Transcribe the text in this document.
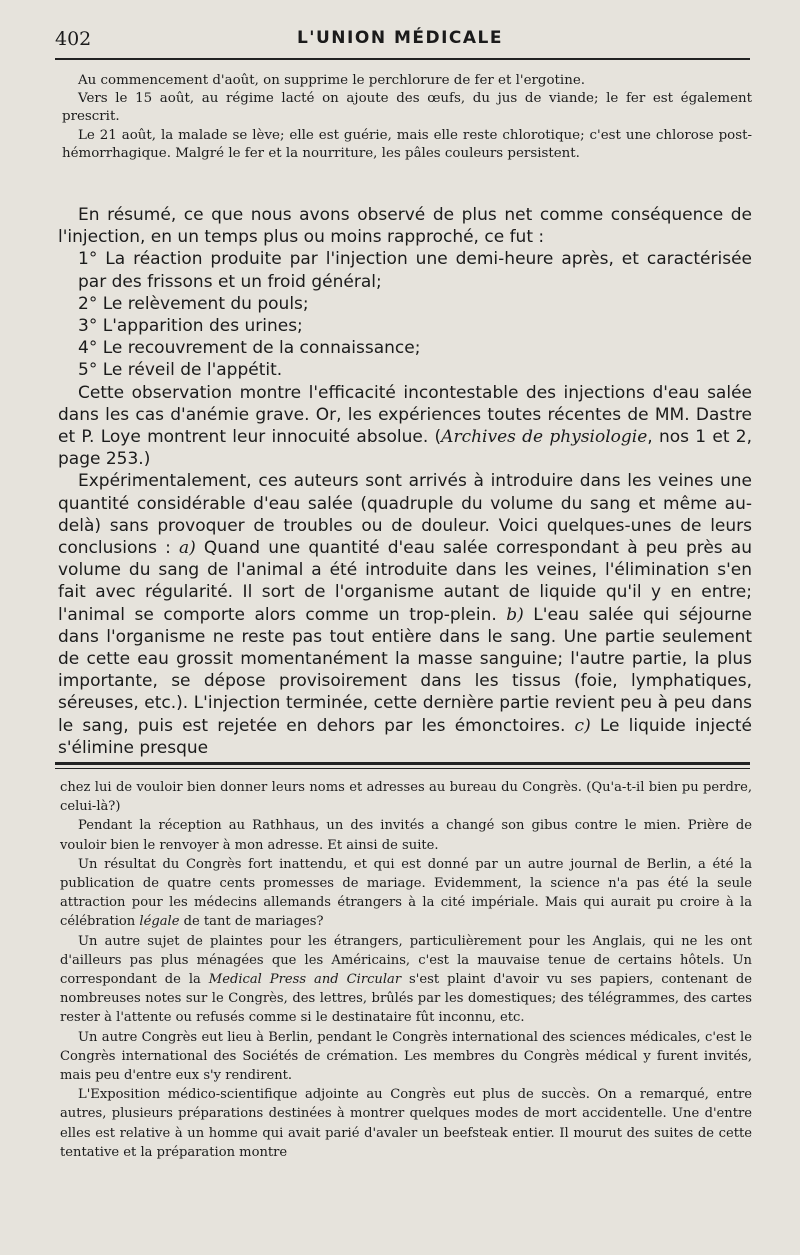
402	L'UNION MÉDICALE

Au commencement d'août, on supprime le perchlorure de fer et l'ergotine.

Vers le 15 août, au régime lacté on ajoute des œufs, du jus de viande; le fer est également prescrit.

Le 21 août, la malade se lève; elle est guérie, mais elle reste chlorotique; c'est une chlorose post-hémorrhagique. Malgré le fer et la nourriture, les pâles couleurs persistent.

En résumé, ce que nous avons observé de plus net comme conséquence de l'injection, en un temps plus ou moins rapproché, ce fut :

1° La réaction produite par l'injection une demi-heure après, et caractérisée par des frissons et un froid général;

2° Le relèvement du pouls;

3° L'apparition des urines;

4° Le recouvrement de la connaissance;

5° Le réveil de l'appétit.

Cette observation montre l'efficacité incontestable des injections d'eau salée dans les cas d'anémie grave. Or, les expériences toutes récentes de MM. Dastre et P. Loye montrent leur innocuité absolue. (Archives de physiologie, nos 1 et 2, page 253.)

Expérimentalement, ces auteurs sont arrivés à introduire dans les veines une quantité considérable d'eau salée (quadruple du volume du sang et même au-delà) sans provoquer de troubles ou de douleur. Voici quelques-unes de leurs conclusions : a) Quand une quantité d'eau salée correspondant à peu près au volume du sang de l'animal a été introduite dans les veines, l'élimination s'en fait avec régularité. Il sort de l'organisme autant de liquide qu'il y en entre; l'animal se comporte alors comme un trop-plein. b) L'eau salée qui séjourne dans l'organisme ne reste pas tout entière dans le sang. Une partie seulement de cette eau grossit momentanément la masse sanguine; l'autre partie, la plus importante, se dépose provisoirement dans les tissus (foie, lymphatiques, séreuses, etc.). L'injection terminée, cette dernière partie revient peu à peu dans le sang, puis est rejetée en dehors par les émonctoires. c) Le liquide injecté s'élimine presque

chez lui de vouloir bien donner leurs noms et adresses au bureau du Congrès. (Qu'a-t-il bien pu perdre, celui-là?)

Pendant la réception au Rathhaus, un des invités a changé son gibus contre le mien. Prière de vouloir bien le renvoyer à mon adresse. Et ainsi de suite.

Un résultat du Congrès fort inattendu, et qui est donné par un autre journal de Berlin, a été la publication de quatre cents promesses de mariage. Evidemment, la science n'a pas été la seule attraction pour les médecins allemands étrangers à la cité impériale. Mais qui aurait pu croire à la célébration légale de tant de mariages?

Un autre sujet de plaintes pour les étrangers, particulièrement pour les Anglais, qui ne les ont d'ailleurs pas plus ménagées que les Américains, c'est la mauvaise tenue de certains hôtels. Un correspondant de la Medical Press and Circular s'est plaint d'avoir vu ses papiers, contenant de nombreuses notes sur le Congrès, des lettres, brûlés par les domestiques; des télégrammes, des cartes rester à l'attente ou refusés comme si le destinataire fût inconnu, etc.

Un autre Congrès eut lieu à Berlin, pendant le Congrès international des sciences médicales, c'est le Congrès international des Sociétés de crémation. Les membres du Congrès médical y furent invités, mais peu d'entre eux s'y rendirent.

L'Exposition médico-scientifique adjointe au Congrès eut plus de succès. On a remarqué, entre autres, plusieurs préparations destinées à montrer quelques modes de mort accidentelle. Une d'entre elles est relative à un homme qui avait parié d'avaler un beefsteak entier. Il mourut des suites de cette tentative et la préparation montre
